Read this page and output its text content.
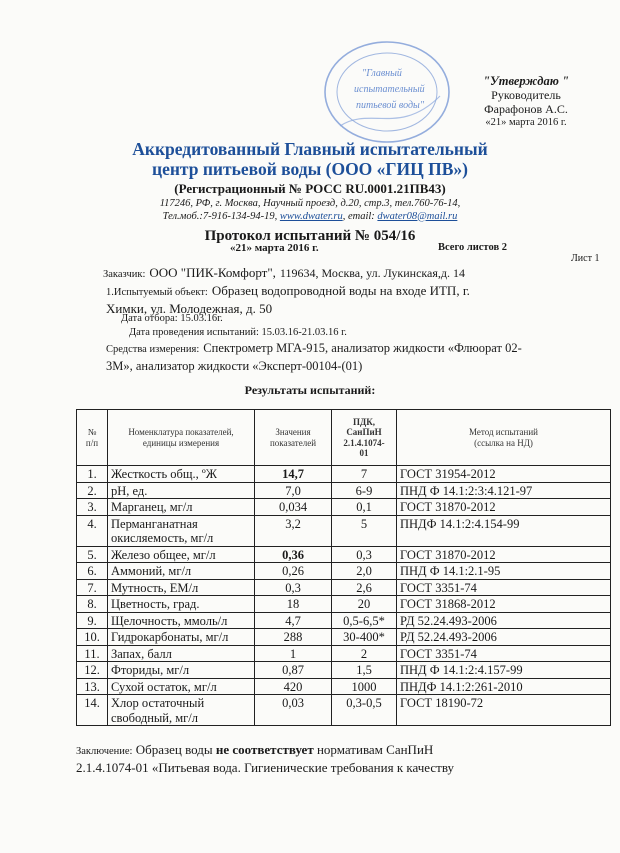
"Главный
испытательный
питьевой воды"
"Утверждаю "
Руководитель
Фарафонов А.С.
«21» марта 2016 г.
Аккредитованный Главный испытательный
центр питьевой воды (ООО «ГИЦ ПВ»)
(Регистрационный № РОСС RU.0001.21ПВ43)
117246, РФ, г. Москва, Научный проезд, д.20, стр.3, тел.760-76-14,
Тел.моб.:7-916-134-94-19, www.dwater.ru, email: dwater08@mail.ru
Протокол испытаний № 054/16
«21» марта 2016 г.	Всего листов 2
Лист 1
Заказчик: ООО "ПИК-Комфорт", 119634, Москва, ул. Лукинская,д. 14
1.Испытуемый объект: Образец водопроводной воды на входе ИТП, г.
Химки, ул. Молодежная, д. 50
Дата отбора: 15.03.16г.
Дата проведения испытаний: 15.03.16-21.03.16 г.
Средства измерения: Спектрометр МГА-915, анализатор жидкости «Флюорат 02-
3М», анализатор жидкости «Эксперт-00104-(01)
Результаты испытаний:
№
п/п	Номенклатура показателей,
единицы измерения	Значения
показателей	ПДК,
СанПиН
2.1.4.1074-
01	Метод испытаний
(ссылка на НД)
1.	Жесткость общ., ºЖ	14,7	7	ГОСТ 31954-2012
2.	pH, ед.	7,0	6-9	ПНД Ф 14.1:2:3:4.121-97
3.	Марганец, мг/л	0,034	0,1	ГОСТ 31870-2012
4.	Перманганатная окисляемость, мг/л	3,2	5	ПНДФ 14.1:2:4.154-99
5.	Железо общее, мг/л	0,36	0,3	ГОСТ 31870-2012
6.	Аммоний, мг/л	0,26	2,0	ПНД Ф 14.1:2.1-95
7.	Мутность, ЕМ/л	0,3	2,6	ГОСТ 3351-74
8.	Цветность, град.	18	20	ГОСТ 31868-2012
9.	Щелочность, ммоль/л	4,7	0,5-6,5*	РД 52.24.493-2006
10.	Гидрокарбонаты, мг/л	288	30-400*	РД 52.24.493-2006
11.	Запах, балл	1	2	ГОСТ 3351-74
12.	Фториды, мг/л	0,87	1,5	ПНД Ф 14.1:2:4.157-99
13.	Сухой остаток, мг/л	420	1000	ПНДФ 14.1:2:261-2010
14.	Хлор остаточный свободный, мг/л	0,03	0,3-0,5	ГОСТ 18190-72
Заключение: Образец воды не соответствует нормативам СанПиН
2.1.4.1074-01 «Питьевая вода. Гигиенические требования к качеству
